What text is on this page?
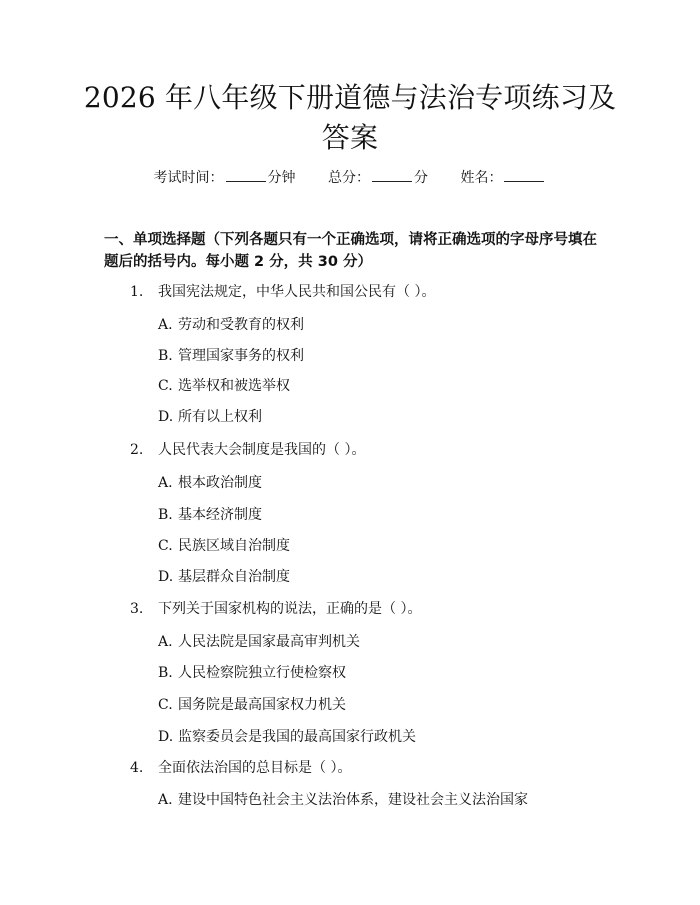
2026 年八年级下册道德与法治专项练习及答案
考试时间：	分钟 总分：	分 姓名：
一、单项选择题（下列各题只有一个正确选项，请将正确选项的字母序号填在题后的括号内。每小题 2 分，共 30 分）
1. 我国宪法规定，中华人民共和国公民有（ ）。
A. 劳动和受教育的权利
B. 管理国家事务的权利
C. 选举权和被选举权
D. 所有以上权利
2. 人民代表大会制度是我国的（ ）。
A. 根本政治制度
B. 基本经济制度
C. 民族区域自治制度
D. 基层群众自治制度
3. 下列关于国家机构的说法，正确的是（ ）。
A. 人民法院是国家最高审判机关
B. 人民检察院独立行使检察权
C. 国务院是最高国家权力机关
D. 监察委员会是我国的最高国家行政机关
4. 全面依法治国的总目标是（ ）。
A. 建设中国特色社会主义法治体系，建设社会主义法治国家
